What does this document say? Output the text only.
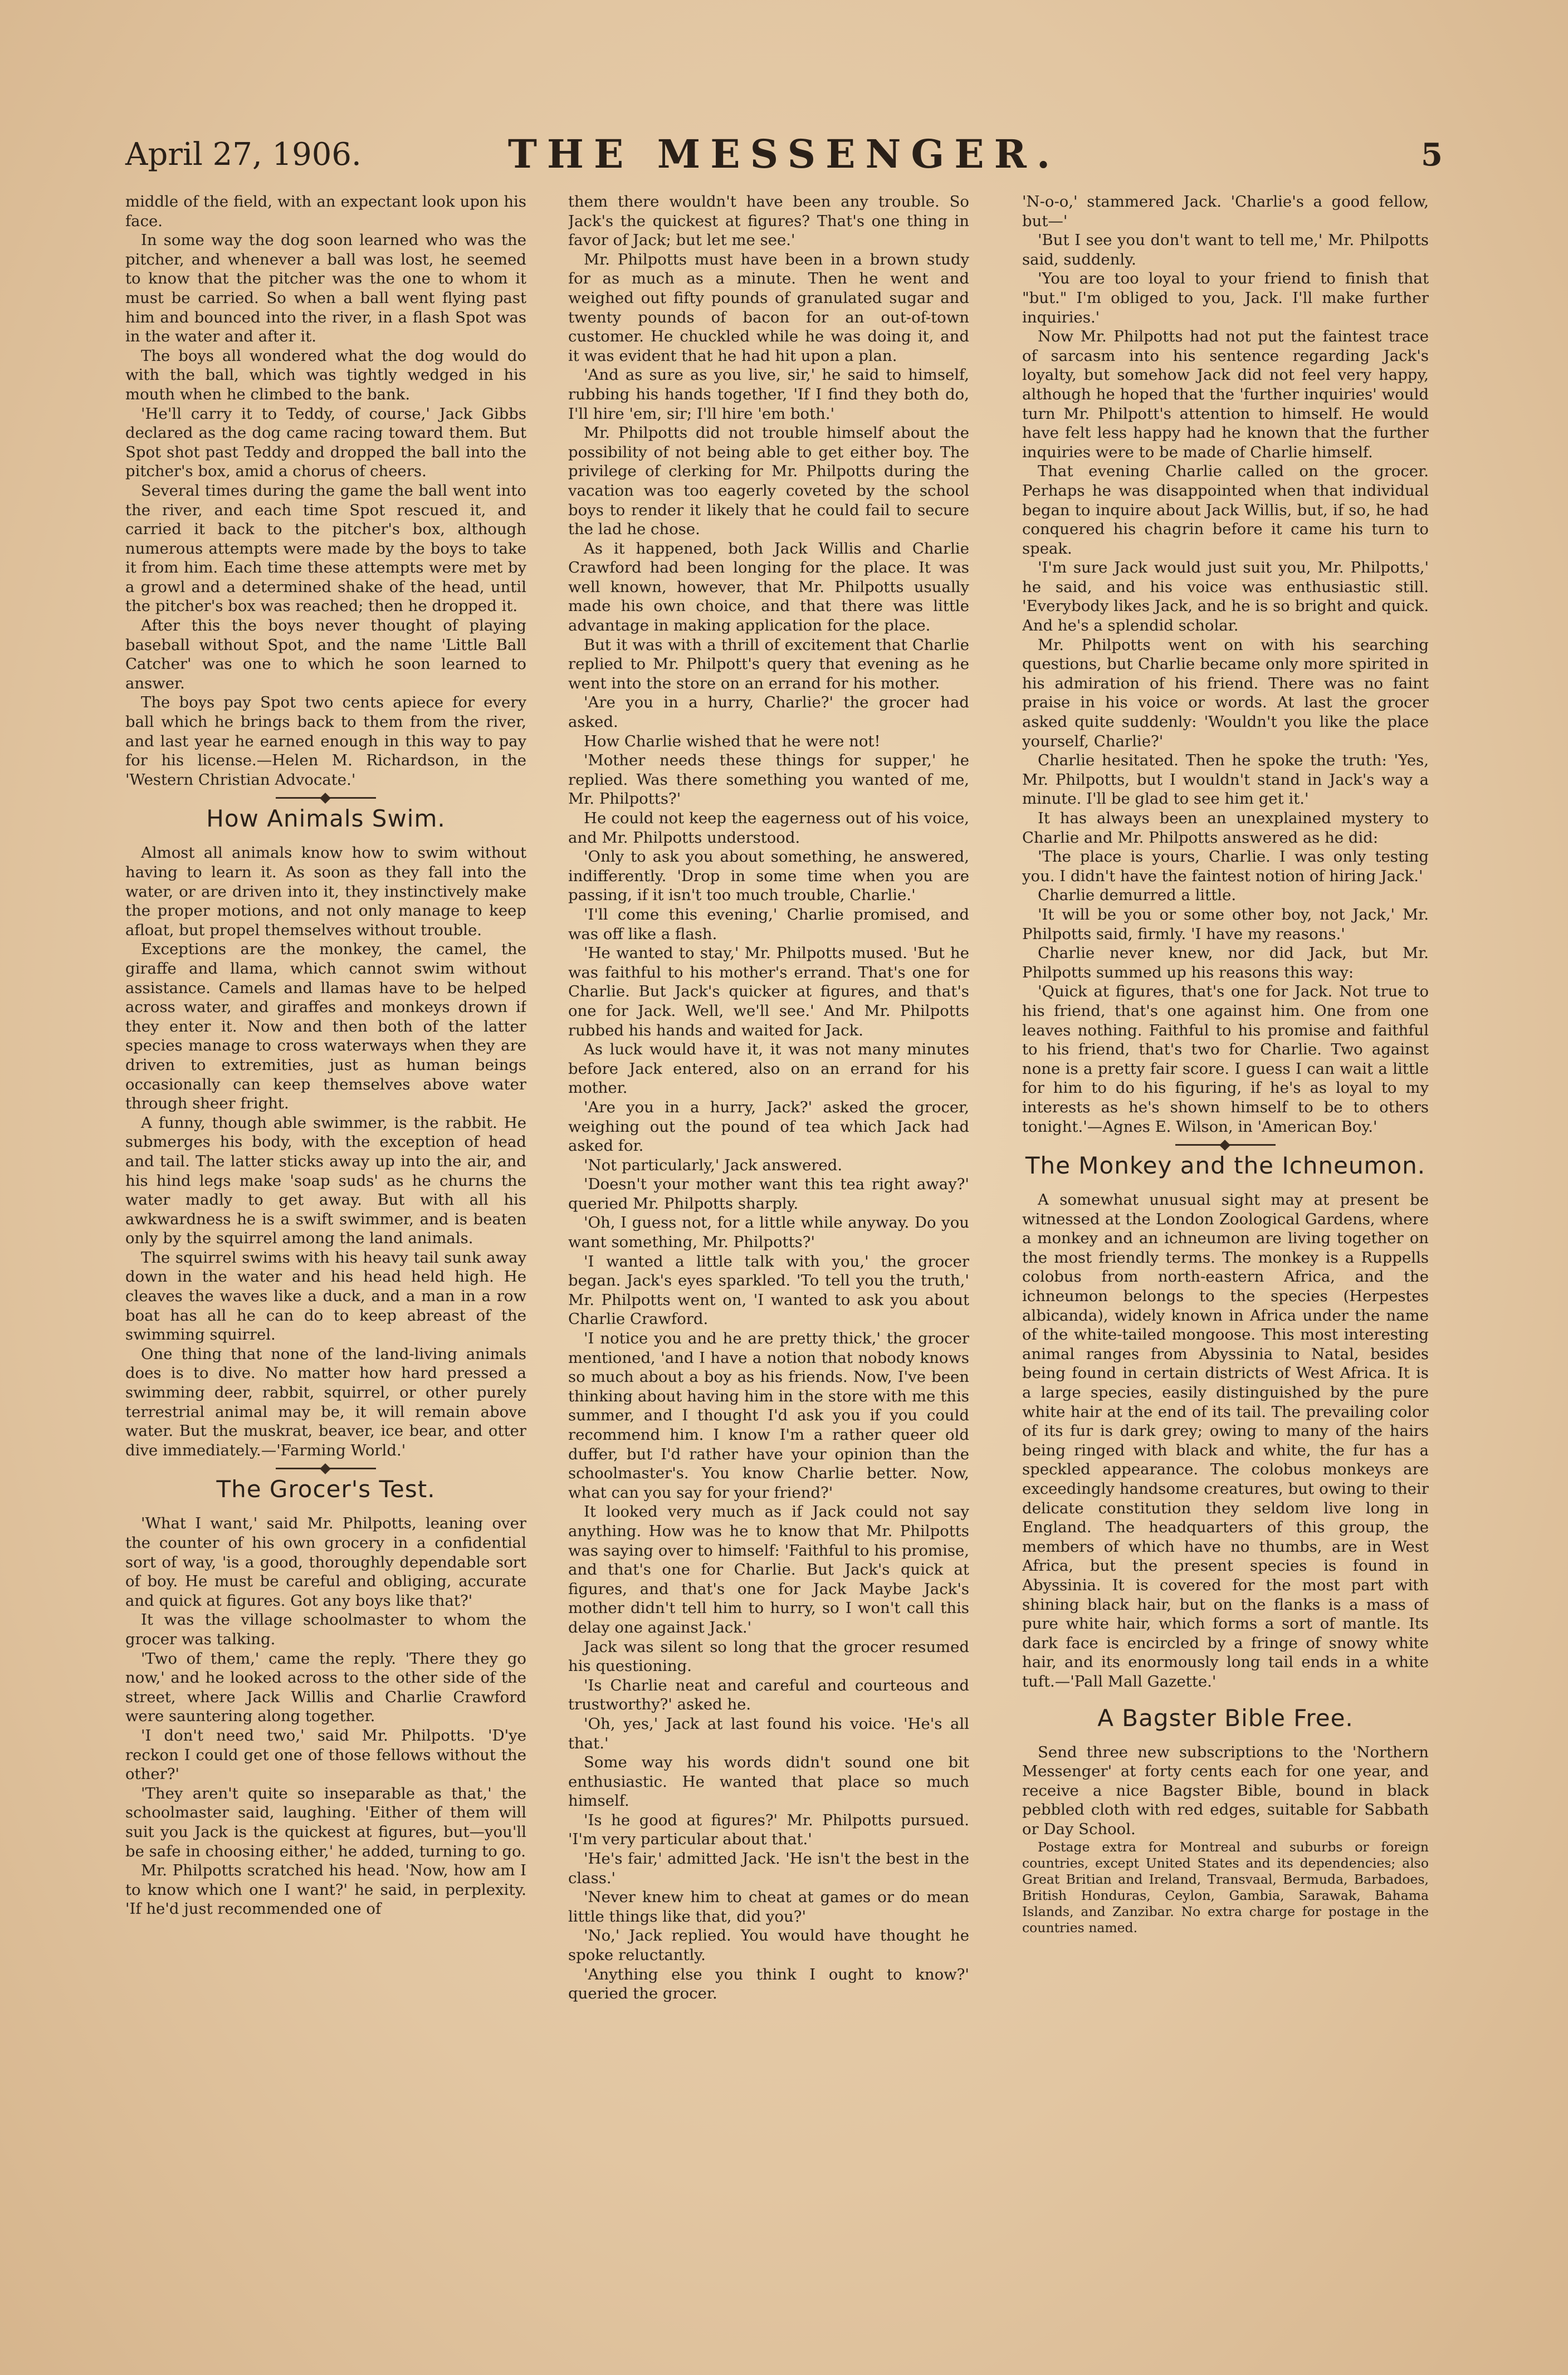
April 27, 1906.	THE MESSENGER.	5

middle of the field, with an expectant look upon his face.

In some way the dog soon learned who was the pitcher, and whenever a ball was lost, he seemed to know that the pitcher was the one to whom it must be carried. So when a ball went flying past him and bounced into the river, in a flash Spot was in the water and after it.

The boys all wondered what the dog would do with the ball, which was tightly wedged in his mouth when he climbed to the bank.

'He'll carry it to Teddy, of course,' Jack Gibbs declared as the dog came racing toward them. But Spot shot past Teddy and dropped the ball into the pitcher's box, amid a chorus of cheers.

Several times during the game the ball went into the river, and each time Spot rescued it, and carried it back to the pitcher's box, although numerous attempts were made by the boys to take it from him. Each time these attempts were met by a growl and a determined shake of the head, until the pitcher's box was reached; then he dropped it.

After this the boys never thought of playing baseball without Spot, and the name 'Little Ball Catcher' was one to which he soon learned to answer.

The boys pay Spot two cents apiece for every ball which he brings back to them from the river, and last year he earned enough in this way to pay for his license.—Helen M. Richardson, in the 'Western Christian Advocate.'

How Animals Swim.

Almost all animals know how to swim without having to learn it. As soon as they fall into the water, or are driven into it, they instinctively make the proper motions, and not only manage to keep afloat, but propel themselves without trouble.

Exceptions are the monkey, the camel, the giraffe and llama, which cannot swim without assistance. Camels and llamas have to be helped across water, and giraffes and monkeys drown if they enter it. Now and then both of the latter species manage to cross waterways when they are driven to extremities, just as human beings occasionally can keep themselves above water through sheer fright.

A funny, though able swimmer, is the rabbit. He submerges his body, with the exception of head and tail. The latter sticks away up into the air, and his hind legs make 'soap suds' as he churns the water madly to get away. But with all his awkwardness he is a swift swimmer, and is beaten only by the squirrel among the land animals.

The squirrel swims with his heavy tail sunk away down in the water and his head held high. He cleaves the waves like a duck, and a man in a row boat has all he can do to keep abreast of the swimming squirrel.

One thing that none of the land-living animals does is to dive. No matter how hard pressed a swimming deer, rabbit, squirrel, or other purely terrestrial animal may be, it will remain above water. But the muskrat, beaver, ice bear, and otter dive immediately.—'Farming World.'

The Grocer's Test.

'What I want,' said Mr. Philpotts, leaning over the counter of his own grocery in a confidential sort of way, 'is a good, thoroughly dependable sort of boy. He must be careful and obliging, accurate and quick at figures. Got any boys like that?'

It was the village schoolmaster to whom the grocer was talking.

'Two of them,' came the reply. 'There they go now,' and he looked across to the other side of the street, where Jack Willis and Charlie Crawford were sauntering along together.

'I don't need two,' said Mr. Philpotts. 'D'ye reckon I could get one of those fellows without the other?'

'They aren't quite so inseparable as that,' the schoolmaster said, laughing. 'Either of them will suit you Jack is the quickest at figures, but—you'll be safe in choosing either,' he added, turning to go.

Mr. Philpotts scratched his head. 'Now, how am I to know which one I want?' he said, in perplexity. 'If he'd just recommended one of

them there wouldn't have been any trouble. So Jack's the quickest at figures? That's one thing in favor of Jack; but let me see.'

Mr. Philpotts must have been in a brown study for as much as a minute. Then he went and weighed out fifty pounds of granulated sugar and twenty pounds of bacon for an out-of-town customer. He chuckled while he was doing it, and it was evident that he had hit upon a plan.

'And as sure as you live, sir,' he said to himself, rubbing his hands together, 'If I find they both do, I'll hire 'em, sir; I'll hire 'em both.'

Mr. Philpotts did not trouble himself about the possibility of not being able to get either boy. The privilege of clerking for Mr. Philpotts during the vacation was too eagerly coveted by the school boys to render it likely that he could fail to secure the lad he chose.

As it happened, both Jack Willis and Charlie Crawford had been longing for the place. It was well known, however, that Mr. Philpotts usually made his own choice, and that there was little advantage in making application for the place.

But it was with a thrill of excitement that Charlie replied to Mr. Philpott's query that evening as he went into the store on an errand for his mother.

'Are you in a hurry, Charlie?' the grocer had asked.

How Charlie wished that he were not!

'Mother needs these things for supper,' he replied. Was there something you wanted of me, Mr. Philpotts?'

He could not keep the eagerness out of his voice, and Mr. Philpotts understood.

'Only to ask you about something, he answered, indifferently. 'Drop in some time when you are passing, if it isn't too much trouble, Charlie.'

'I'll come this evening,' Charlie promised, and was off like a flash.

'He wanted to stay,' Mr. Philpotts mused. 'But he was faithful to his mother's errand. That's one for Charlie. But Jack's quicker at figures, and that's one for Jack. Well, we'll see.' And Mr. Philpotts rubbed his hands and waited for Jack.

As luck would have it, it was not many minutes before Jack entered, also on an errand for his mother.

'Are you in a hurry, Jack?' asked the grocer, weighing out the pound of tea which Jack had asked for.

'Not particularly,' Jack answered.

'Doesn't your mother want this tea right away?' queried Mr. Philpotts sharply.

'Oh, I guess not, for a little while anyway. Do you want something, Mr. Philpotts?'

'I wanted a little talk with you,' the grocer began. Jack's eyes sparkled. 'To tell you the truth,' Mr. Philpotts went on, 'I wanted to ask you about Charlie Crawford.

'I notice you and he are pretty thick,' the grocer mentioned, 'and I have a notion that nobody knows so much about a boy as his friends. Now, I've been thinking about having him in the store with me this summer, and I thought I'd ask you if you could recommend him. I know I'm a rather queer old duffer, but I'd rather have your opinion than the schoolmaster's. You know Charlie better. Now, what can you say for your friend?'

It looked very much as if Jack could not say anything. How was he to know that Mr. Philpotts was saying over to himself: 'Faithful to his promise, and that's one for Charlie. But Jack's quick at figures, and that's one for Jack Maybe Jack's mother didn't tell him to hurry, so I won't call this delay one against Jack.'

Jack was silent so long that the grocer resumed his questioning.

'Is Charlie neat and careful and courteous and trustworthy?' asked he.

'Oh, yes,' Jack at last found his voice. 'He's all that.'

Some way his words didn't sound one bit enthusiastic. He wanted that place so much himself.

'Is he good at figures?' Mr. Philpotts pursued. 'I'm very particular about that.'

'He's fair,' admitted Jack. 'He isn't the best in the class.'

'Never knew him to cheat at games or do mean little things like that, did you?'

'No,' Jack replied. You would have thought he spoke reluctantly.

'Anything else you think I ought to know?' queried the grocer.

'N-o-o,' stammered Jack. 'Charlie's a good fellow, but—'

'But I see you don't want to tell me,' Mr. Philpotts said, suddenly.

'You are too loyal to your friend to finish that "but." I'm obliged to you, Jack. I'll make further inquiries.'

Now Mr. Philpotts had not put the faintest trace of sarcasm into his sentence regarding Jack's loyalty, but somehow Jack did not feel very happy, although he hoped that the 'further inquiries' would turn Mr. Philpott's attention to himself. He would have felt less happy had he known that the further inquiries were to be made of Charlie himself.

That evening Charlie called on the grocer. Perhaps he was disappointed when that individual began to inquire about Jack Willis, but, if so, he had conquered his chagrin before it came his turn to speak.

'I'm sure Jack would just suit you, Mr. Philpotts,' he said, and his voice was enthusiastic still. 'Everybody likes Jack, and he is so bright and quick. And he's a splendid scholar.

Mr. Philpotts went on with his searching questions, but Charlie became only more spirited in his admiration of his friend. There was no faint praise in his voice or words. At last the grocer asked quite suddenly: 'Wouldn't you like the place yourself, Charlie?'

Charlie hesitated. Then he spoke the truth: 'Yes, Mr. Philpotts, but I wouldn't stand in Jack's way a minute. I'll be glad to see him get it.'

It has always been an unexplained mystery to Charlie and Mr. Philpotts answered as he did:

'The place is yours, Charlie. I was only testing you. I didn't have the faintest notion of hiring Jack.'

Charlie demurred a little.

'It will be you or some other boy, not Jack,' Mr. Philpotts said, firmly. 'I have my reasons.'

Charlie never knew, nor did Jack, but Mr. Philpotts summed up his reasons this way:

'Quick at figures, that's one for Jack. Not true to his friend, that's one against him. One from one leaves nothing. Faithful to his promise and faithful to his friend, that's two for Charlie. Two against none is a pretty fair score. I guess I can wait a little for him to do his figuring, if he's as loyal to my interests as he's shown himself to be to others tonight.'—Agnes E. Wilson, in 'American Boy.'

The Monkey and the Ichneumon.

A somewhat unusual sight may at present be witnessed at the London Zoological Gardens, where a monkey and an ichneumon are living together on the most friendly terms. The monkey is a Ruppells colobus from north-eastern Africa, and the ichneumon belongs to the species (Herpestes albicanda), widely known in Africa under the name of the white-tailed mongoose. This most interesting animal ranges from Abyssinia to Natal, besides being found in certain districts of West Africa. It is a large species, easily distinguished by the pure white hair at the end of its tail. The prevailing color of its fur is dark grey; owing to many of the hairs being ringed with black and white, the fur has a speckled appearance. The colobus monkeys are exceedingly handsome creatures, but owing to their delicate constitution they seldom live long in England. The headquarters of this group, the members of which have no thumbs, are in West Africa, but the present species is found in Abyssinia. It is covered for the most part with shining black hair, but on the flanks is a mass of pure white hair, which forms a sort of mantle. Its dark face is encircled by a fringe of snowy white hair, and its enormously long tail ends in a white tuft.—'Pall Mall Gazette.'

A Bagster Bible Free.

Send three new subscriptions to the 'Northern Messenger' at forty cents each for one year, and receive a nice Bagster Bible, bound in black pebbled cloth with red edges, suitable for Sabbath or Day School.

Postage extra for Montreal and suburbs or foreign countries, except United States and its dependencies; also Great Britian and Ireland, Transvaal, Bermuda, Barbadoes, British Honduras, Ceylon, Gambia, Sarawak, Bahama Islands, and Zanzibar. No extra charge for postage in the countries named.
